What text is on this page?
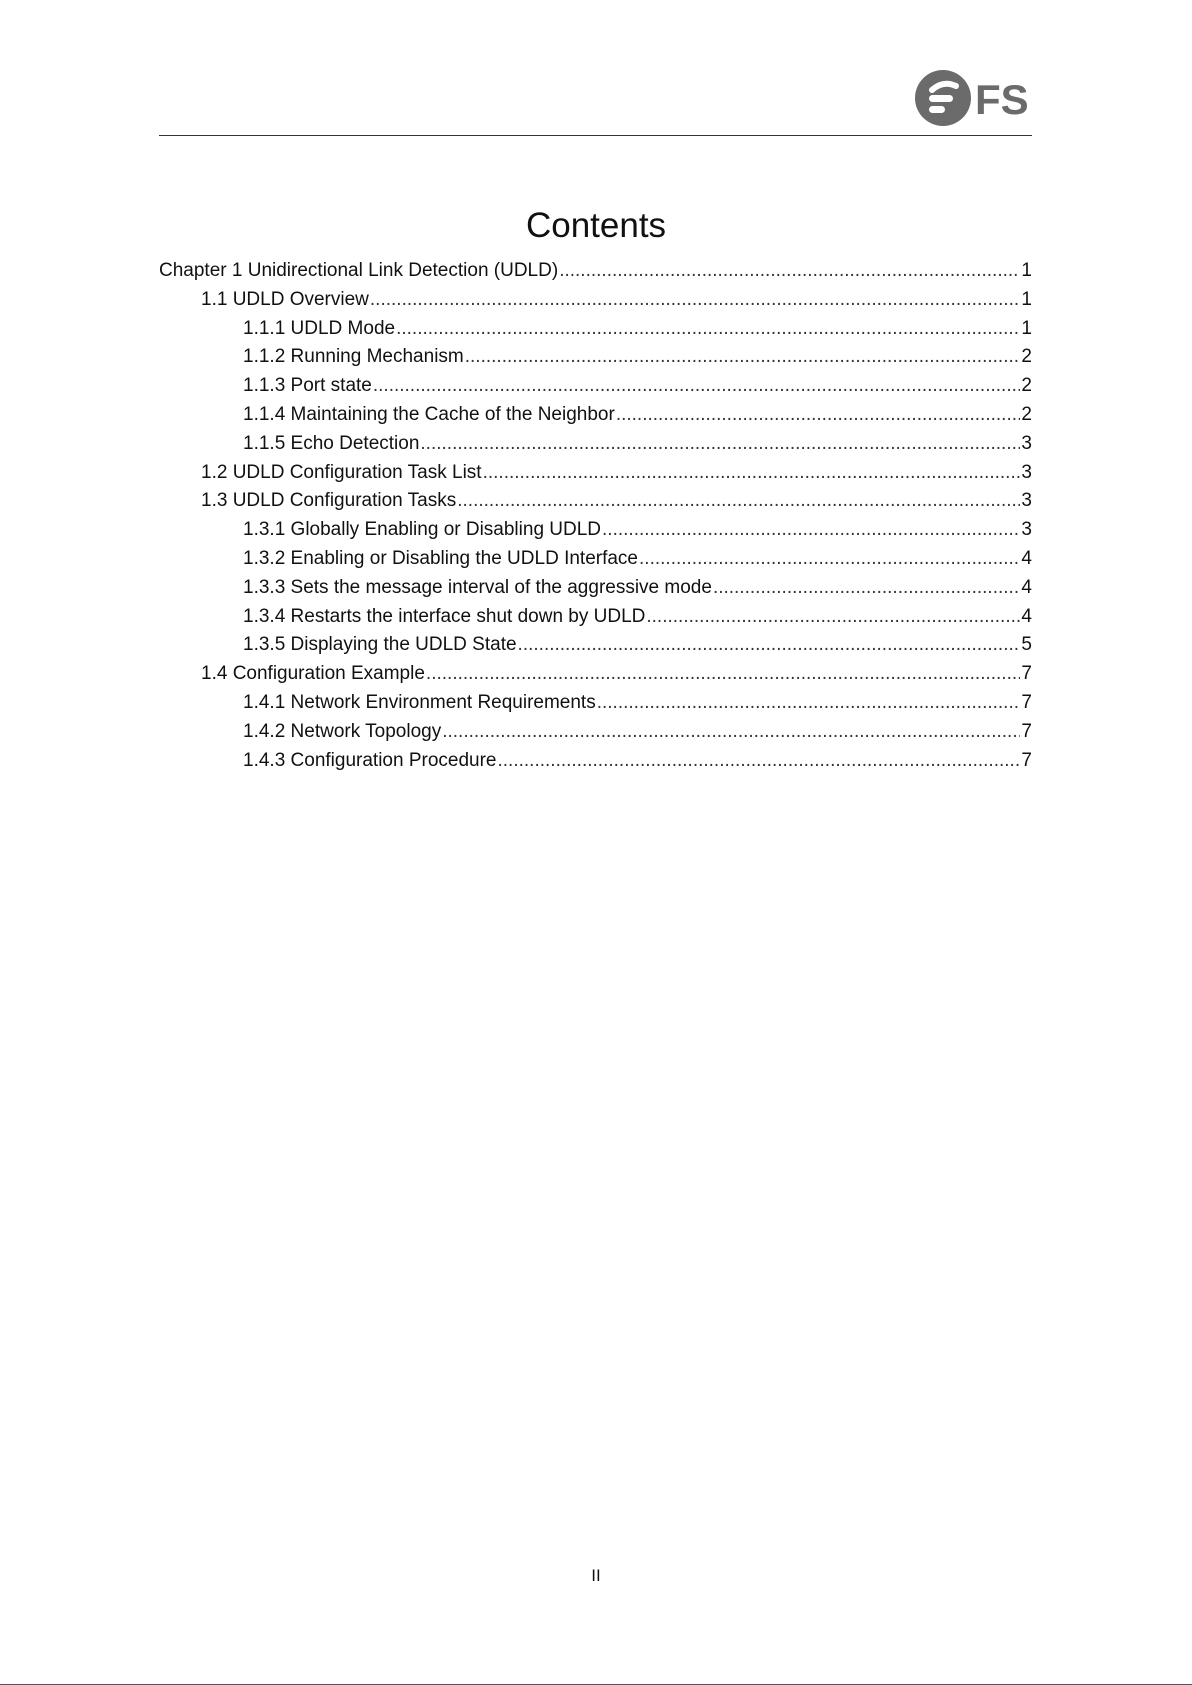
FS
Contents
Chapter 1 Unidirectional Link Detection (UDLD) .....	1
1.1 UDLD Overview .....	1
1.1.1 UDLD Mode .....	1
1.1.2 Running Mechanism .....	2
1.1.3 Port state .....	2
1.1.4 Maintaining the Cache of the Neighbor .....	2
1.1.5 Echo Detection .....	3
1.2 UDLD Configuration Task List .....	3
1.3 UDLD Configuration Tasks .....	3
1.3.1 Globally Enabling or Disabling UDLD .....	3
1.3.2 Enabling or Disabling the UDLD Interface .....	4
1.3.3 Sets the message interval of the aggressive mode .....	4
1.3.4 Restarts the interface shut down by UDLD .....	4
1.3.5 Displaying the UDLD State .....	5
1.4 Configuration Example .....	7
1.4.1 Network Environment Requirements .....	7
1.4.2 Network Topology .....	7
1.4.3 Configuration Procedure .....	7
II
